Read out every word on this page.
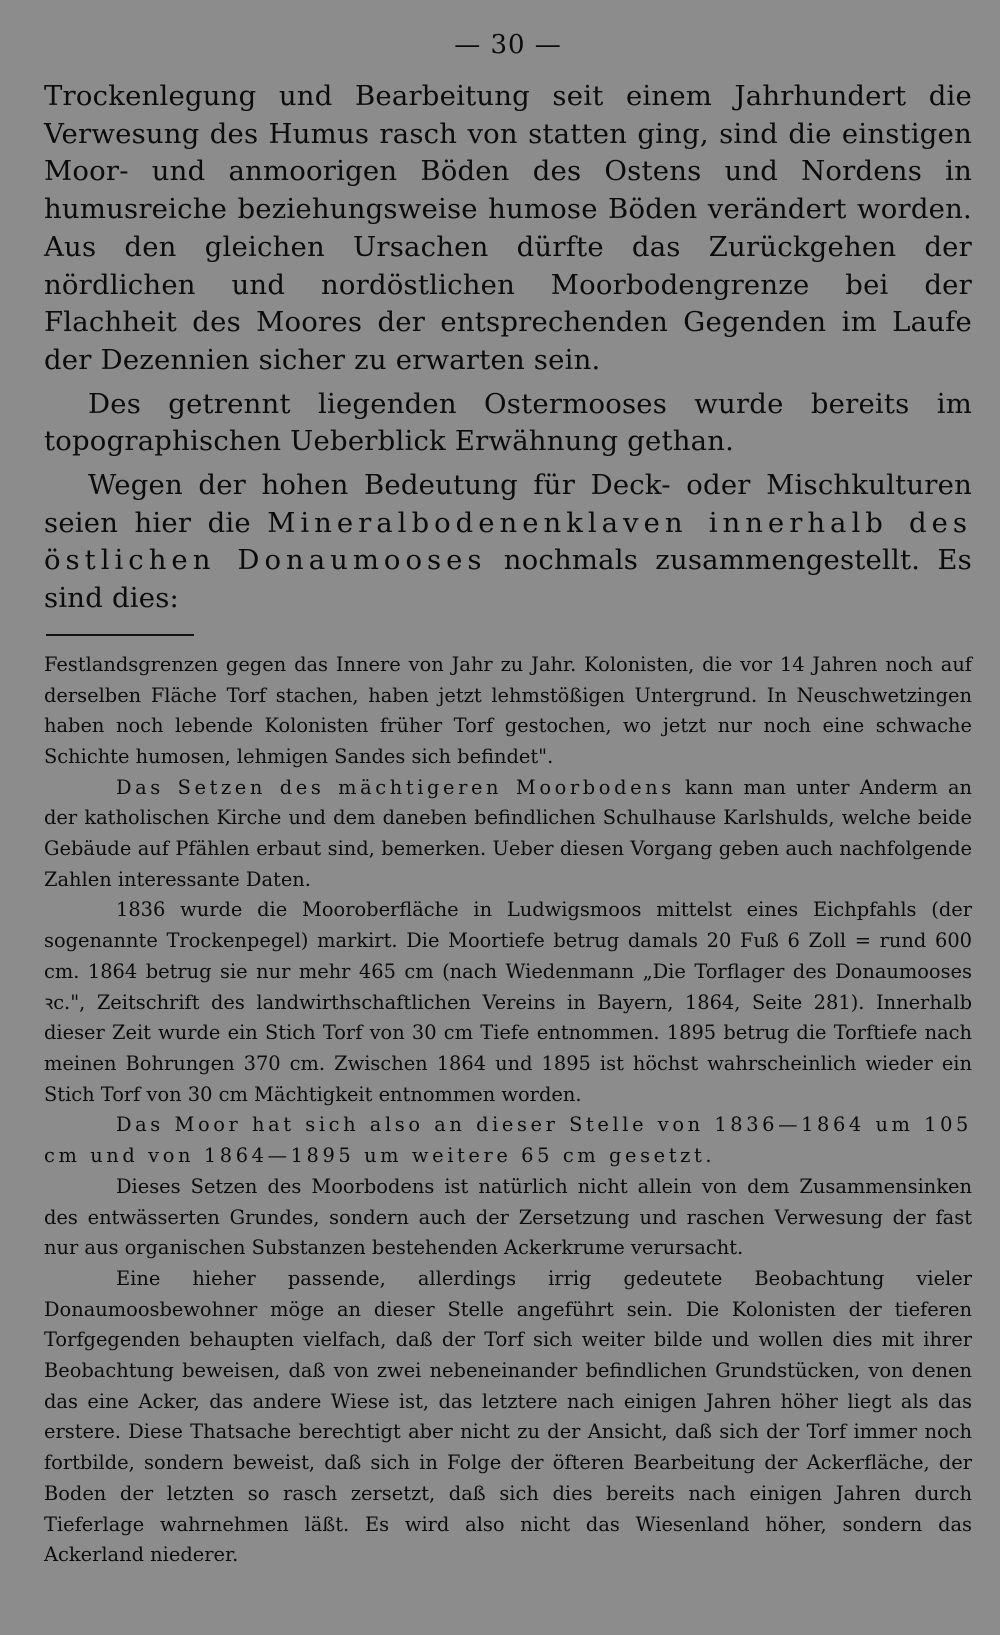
— 30 —

Trockenlegung und Bearbeitung seit einem Jahrhundert die Verwesung des Humus rasch von statten ging, sind die einstigen Moor- und anmoorigen Böden des Ostens und Nordens in humusreiche beziehungsweise humose Böden verändert worden. Aus den gleichen Ursachen dürfte das Zurückgehen der nördlichen und nordöstlichen Moorbodengrenze bei der Flachheit des Moores der entsprechenden Gegenden im Laufe der Dezennien sicher zu erwarten sein.

Des getrennt liegenden Ostermooses wurde bereits im topographischen Ueberblick Erwähnung gethan.

Wegen der hohen Bedeutung für Deck- oder Mischkulturen seien hier die Mineralbodenenklaven innerhalb des östlichen Donaumooses nochmals zusammengestellt. Es sind dies:

Festlandsgrenzen gegen das Innere von Jahr zu Jahr. Kolonisten, die vor 14 Jahren noch auf derselben Fläche Torf stachen, haben jetzt lehmstößigen Untergrund. In Neuschwetzingen haben noch lebende Kolonisten früher Torf gestochen, wo jetzt nur noch eine schwache Schichte humosen, lehmigen Sandes sich befindet".

Das Setzen des mächtigeren Moorbodens kann man unter Anderm an der katholischen Kirche und dem daneben befindlichen Schulhause Karlshulds, welche beide Gebäude auf Pfählen erbaut sind, bemerken. Ueber diesen Vorgang geben auch nachfolgende Zahlen interessante Daten.

1836 wurde die Mooroberfläche in Ludwigsmoos mittelst eines Eichpfahls (der sogenannte Trockenpegel) markirt. Die Moortiefe betrug damals 20 Fuß 6 Zoll = rund 600 cm. 1864 betrug sie nur mehr 465 cm (nach Wiedenmann „Die Torflager des Donaumooses ꝛc.", Zeitschrift des landwirthschaftlichen Vereins in Bayern, 1864, Seite 281). Innerhalb dieser Zeit wurde ein Stich Torf von 30 cm Tiefe entnommen. 1895 betrug die Torftiefe nach meinen Bohrungen 370 cm. Zwischen 1864 und 1895 ist höchst wahrscheinlich wieder ein Stich Torf von 30 cm Mächtigkeit entnommen worden.

Das Moor hat sich also an dieser Stelle von 1836—1864 um 105 cm und von 1864—1895 um weitere 65 cm gesetzt.

Dieses Setzen des Moorbodens ist natürlich nicht allein von dem Zusammensinken des entwässerten Grundes, sondern auch der Zersetzung und raschen Verwesung der fast nur aus organischen Substanzen bestehenden Ackerkrume verursacht.

Eine hieher passende, allerdings irrig gedeutete Beobachtung vieler Donaumoosbewohner möge an dieser Stelle angeführt sein. Die Kolonisten der tieferen Torfgegenden behaupten vielfach, daß der Torf sich weiter bilde und wollen dies mit ihrer Beobachtung beweisen, daß von zwei nebeneinander befindlichen Grundstücken, von denen das eine Acker, das andere Wiese ist, das letztere nach einigen Jahren höher liegt als das erstere. Diese Thatsache berechtigt aber nicht zu der Ansicht, daß sich der Torf immer noch fortbilde, sondern beweist, daß sich in Folge der öfteren Bearbeitung der Ackerfläche, der Boden der letzten so rasch zersetzt, daß sich dies bereits nach einigen Jahren durch Tieferlage wahrnehmen läßt. Es wird also nicht das Wiesenland höher, sondern das Ackerland niederer.
